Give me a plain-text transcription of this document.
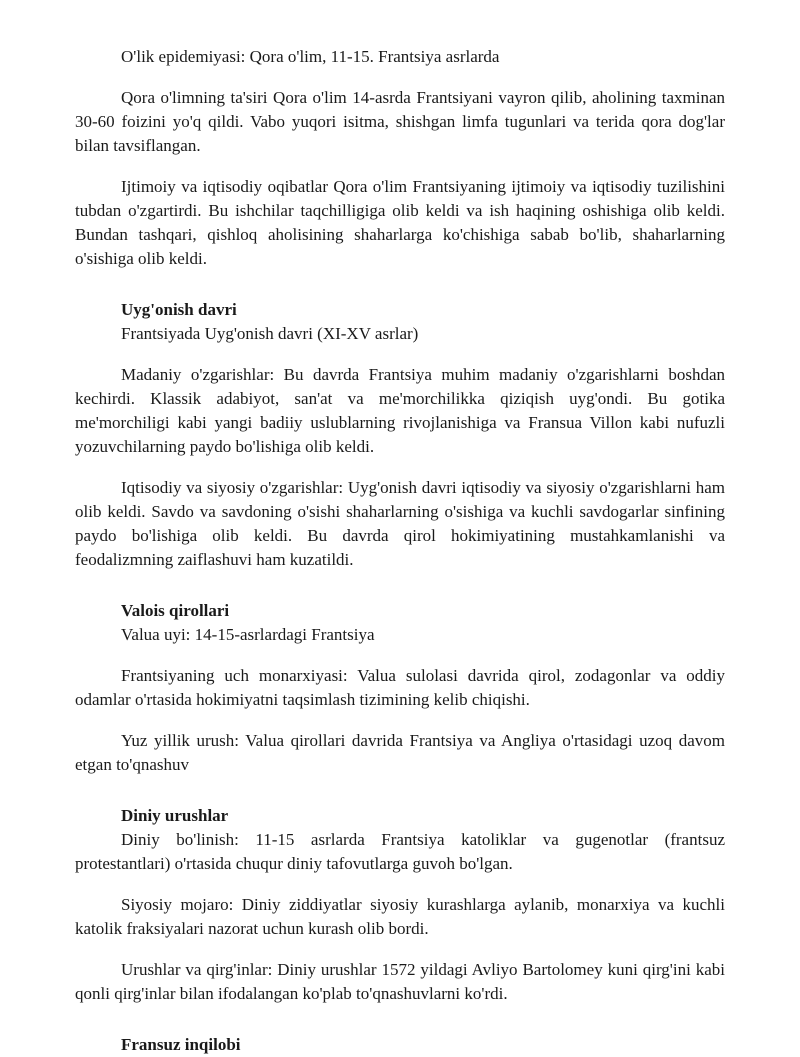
O'lik epidemiyasi: Qora o'lim, 11-15. Frantsiya asrlarda

Qora o'limning ta'siri Qora o'lim 14-asrda Frantsiyani vayron qilib, aholining taxminan 30-60 foizini yo'q qildi. Vabo yuqori isitma, shishgan limfa tugunlari va terida qora dog'lar bilan tavsiflangan.

Ijtimoiy va iqtisodiy oqibatlar Qora o'lim Frantsiyaning ijtimoiy va iqtisodiy tuzilishini tubdan o'zgartirdi. Bu ishchilar taqchilligiga olib keldi va ish haqining oshishiga olib keldi. Bundan tashqari, qishloq aholisining shaharlarga ko'chishiga sabab bo'lib, shaharlarning o'sishiga olib keldi.

Uyg'onish davri

Frantsiyada Uyg'onish davri (XI-XV asrlar)

Madaniy o'zgarishlar: Bu davrda Frantsiya muhim madaniy o'zgarishlarni boshdan kechirdi. Klassik adabiyot, san'at va me'morchilikka qiziqish uyg'ondi. Bu gotika me'morchiligi kabi yangi badiiy uslublarning rivojlanishiga va Fransua Villon kabi nufuzli yozuvchilarning paydo bo'lishiga olib keldi.

Iqtisodiy va siyosiy o'zgarishlar: Uyg'onish davri iqtisodiy va siyosiy o'zgarishlarni ham olib keldi. Savdo va savdoning o'sishi shaharlarning o'sishiga va kuchli savdogarlar sinfining paydo bo'lishiga olib keldi. Bu davrda qirol hokimiyatining mustahkamlanishi va feodalizmning zaiflashuvi ham kuzatildi.

Valois qirollari

Valua uyi: 14-15-asrlardagi Frantsiya

Frantsiyaning uch monarxiyasi: Valua sulolasi davrida qirol, zodagonlar va oddiy odamlar o'rtasida hokimiyatni taqsimlash tizimining kelib chiqishi.

Yuz yillik urush: Valua qirollari davrida Frantsiya va Angliya o'rtasidagi uzoq davom etgan to'qnashuv

Diniy urushlar

Diniy bo'linish: 11-15 asrlarda Frantsiya katoliklar va gugenotlar (frantsuz protestantlari) o'rtasida chuqur diniy tafovutlarga guvoh bo'lgan.

Siyosiy mojaro: Diniy ziddiyatlar siyosiy kurashlarga aylanib, monarxiya va kuchli katolik fraksiyalari nazorat uchun kurash olib bordi.

Urushlar va qirg'inlar: Diniy urushlar 1572 yildagi Avliyo Bartolomey kuni qirg'ini kabi qonli qirg'inlar bilan ifodalangan ko'plab to'qnashuvlarni ko'rdi.

Fransuz inqilobi
